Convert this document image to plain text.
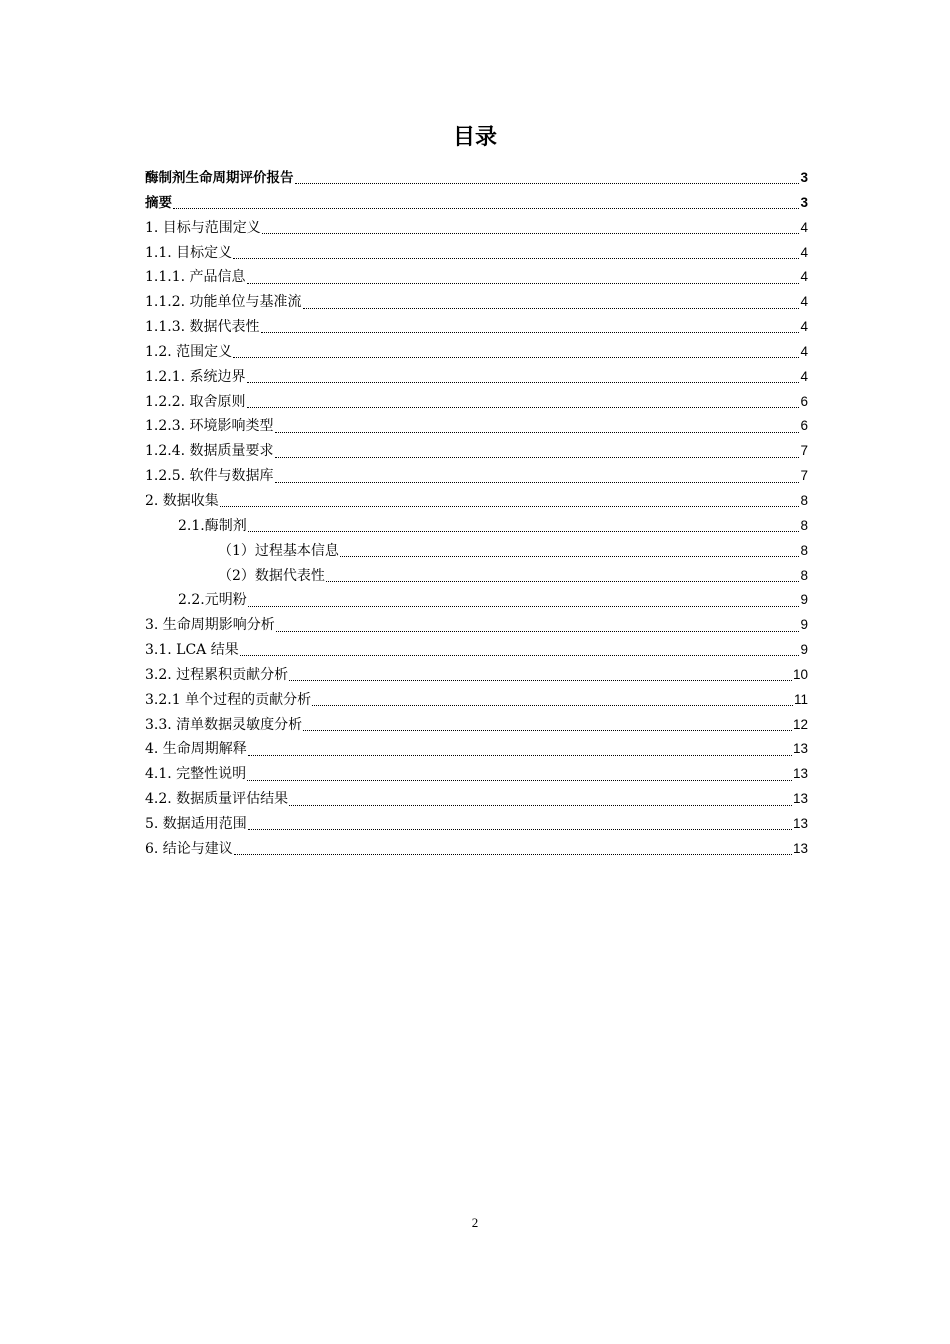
目录
酶制剂生命周期评价报告	3
摘要	3
1. 目标与范围定义	4
1.1. 目标定义	4
1.1.1. 产品信息	4
1.1.2. 功能单位与基准流	4
1.1.3. 数据代表性	4
1.2. 范围定义	4
1.2.1. 系统边界	4
1.2.2. 取舍原则	6
1.2.3. 环境影响类型	6
1.2.4. 数据质量要求	7
1.2.5. 软件与数据库	7
2. 数据收集	8
2.1.酶制剂	8
（1）过程基本信息	8
（2）数据代表性	8
2.2.元明粉	9
3. 生命周期影响分析	9
3.1. LCA 结果	9
3.2. 过程累积贡献分析	10
3.2.1 单个过程的贡献分析	11
3.3. 清单数据灵敏度分析	12
4. 生命周期解释	13
4.1. 完整性说明	13
4.2. 数据质量评估结果	13
5. 数据适用范围	13
6. 结论与建议	13
2
